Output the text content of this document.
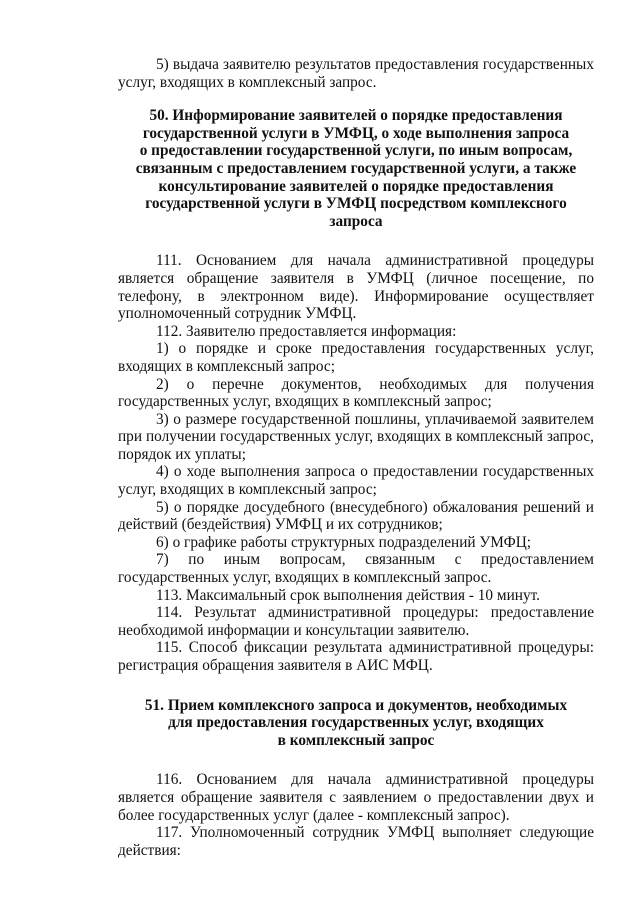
5) выдача заявителю результатов предоставления государственных услуг, входящих в комплексный запрос.

50. Информирование заявителей о порядке предоставления
государственной услуги в УМФЦ, о ходе выполнения запроса
о предоставлении государственной услуги, по иным вопросам,
связанным с предоставлением государственной услуги, а также
консультирование заявителей о порядке предоставления
государственной услуги в УМФЦ посредством комплексного
запроса

111. Основанием для начала административной процедуры является обращение заявителя в УМФЦ (личное посещение, по телефону, в электронном виде). Информирование осуществляет уполномоченный сотрудник УМФЦ.

112. Заявителю предоставляется информация:

1) о порядке и сроке предоставления государственных услуг, входящих в комплексный запрос;

2) о перечне документов, необходимых для получения государственных услуг, входящих в комплексный запрос;

3) о размере государственной пошлины, уплачиваемой заявителем при получении государственных услуг, входящих в комплексный запрос, порядок их уплаты;

4) о ходе выполнения запроса о предоставлении государственных услуг, входящих в комплексный запрос;

5) о порядке досудебного (внесудебного) обжалования решений и действий (бездействия) УМФЦ и их сотрудников;

6) о графике работы структурных подразделений УМФЦ;

7) по иным вопросам, связанным с предоставлением государственных услуг, входящих в комплексный запрос.

113. Максимальный срок выполнения действия - 10 минут.

114. Результат административной процедуры: предоставление необходимой информации и консультации заявителю.

115. Способ фиксации результата административной процедуры: регистрация обращения заявителя в АИС МФЦ.

51. Прием комплексного запроса и документов, необходимых
для предоставления государственных услуг, входящих
в комплексный запрос

116. Основанием для начала административной процедуры является обращение заявителя с заявлением о предоставлении двух и более государственных услуг (далее - комплексный запрос).

117. Уполномоченный сотрудник УМФЦ выполняет следующие действия:
